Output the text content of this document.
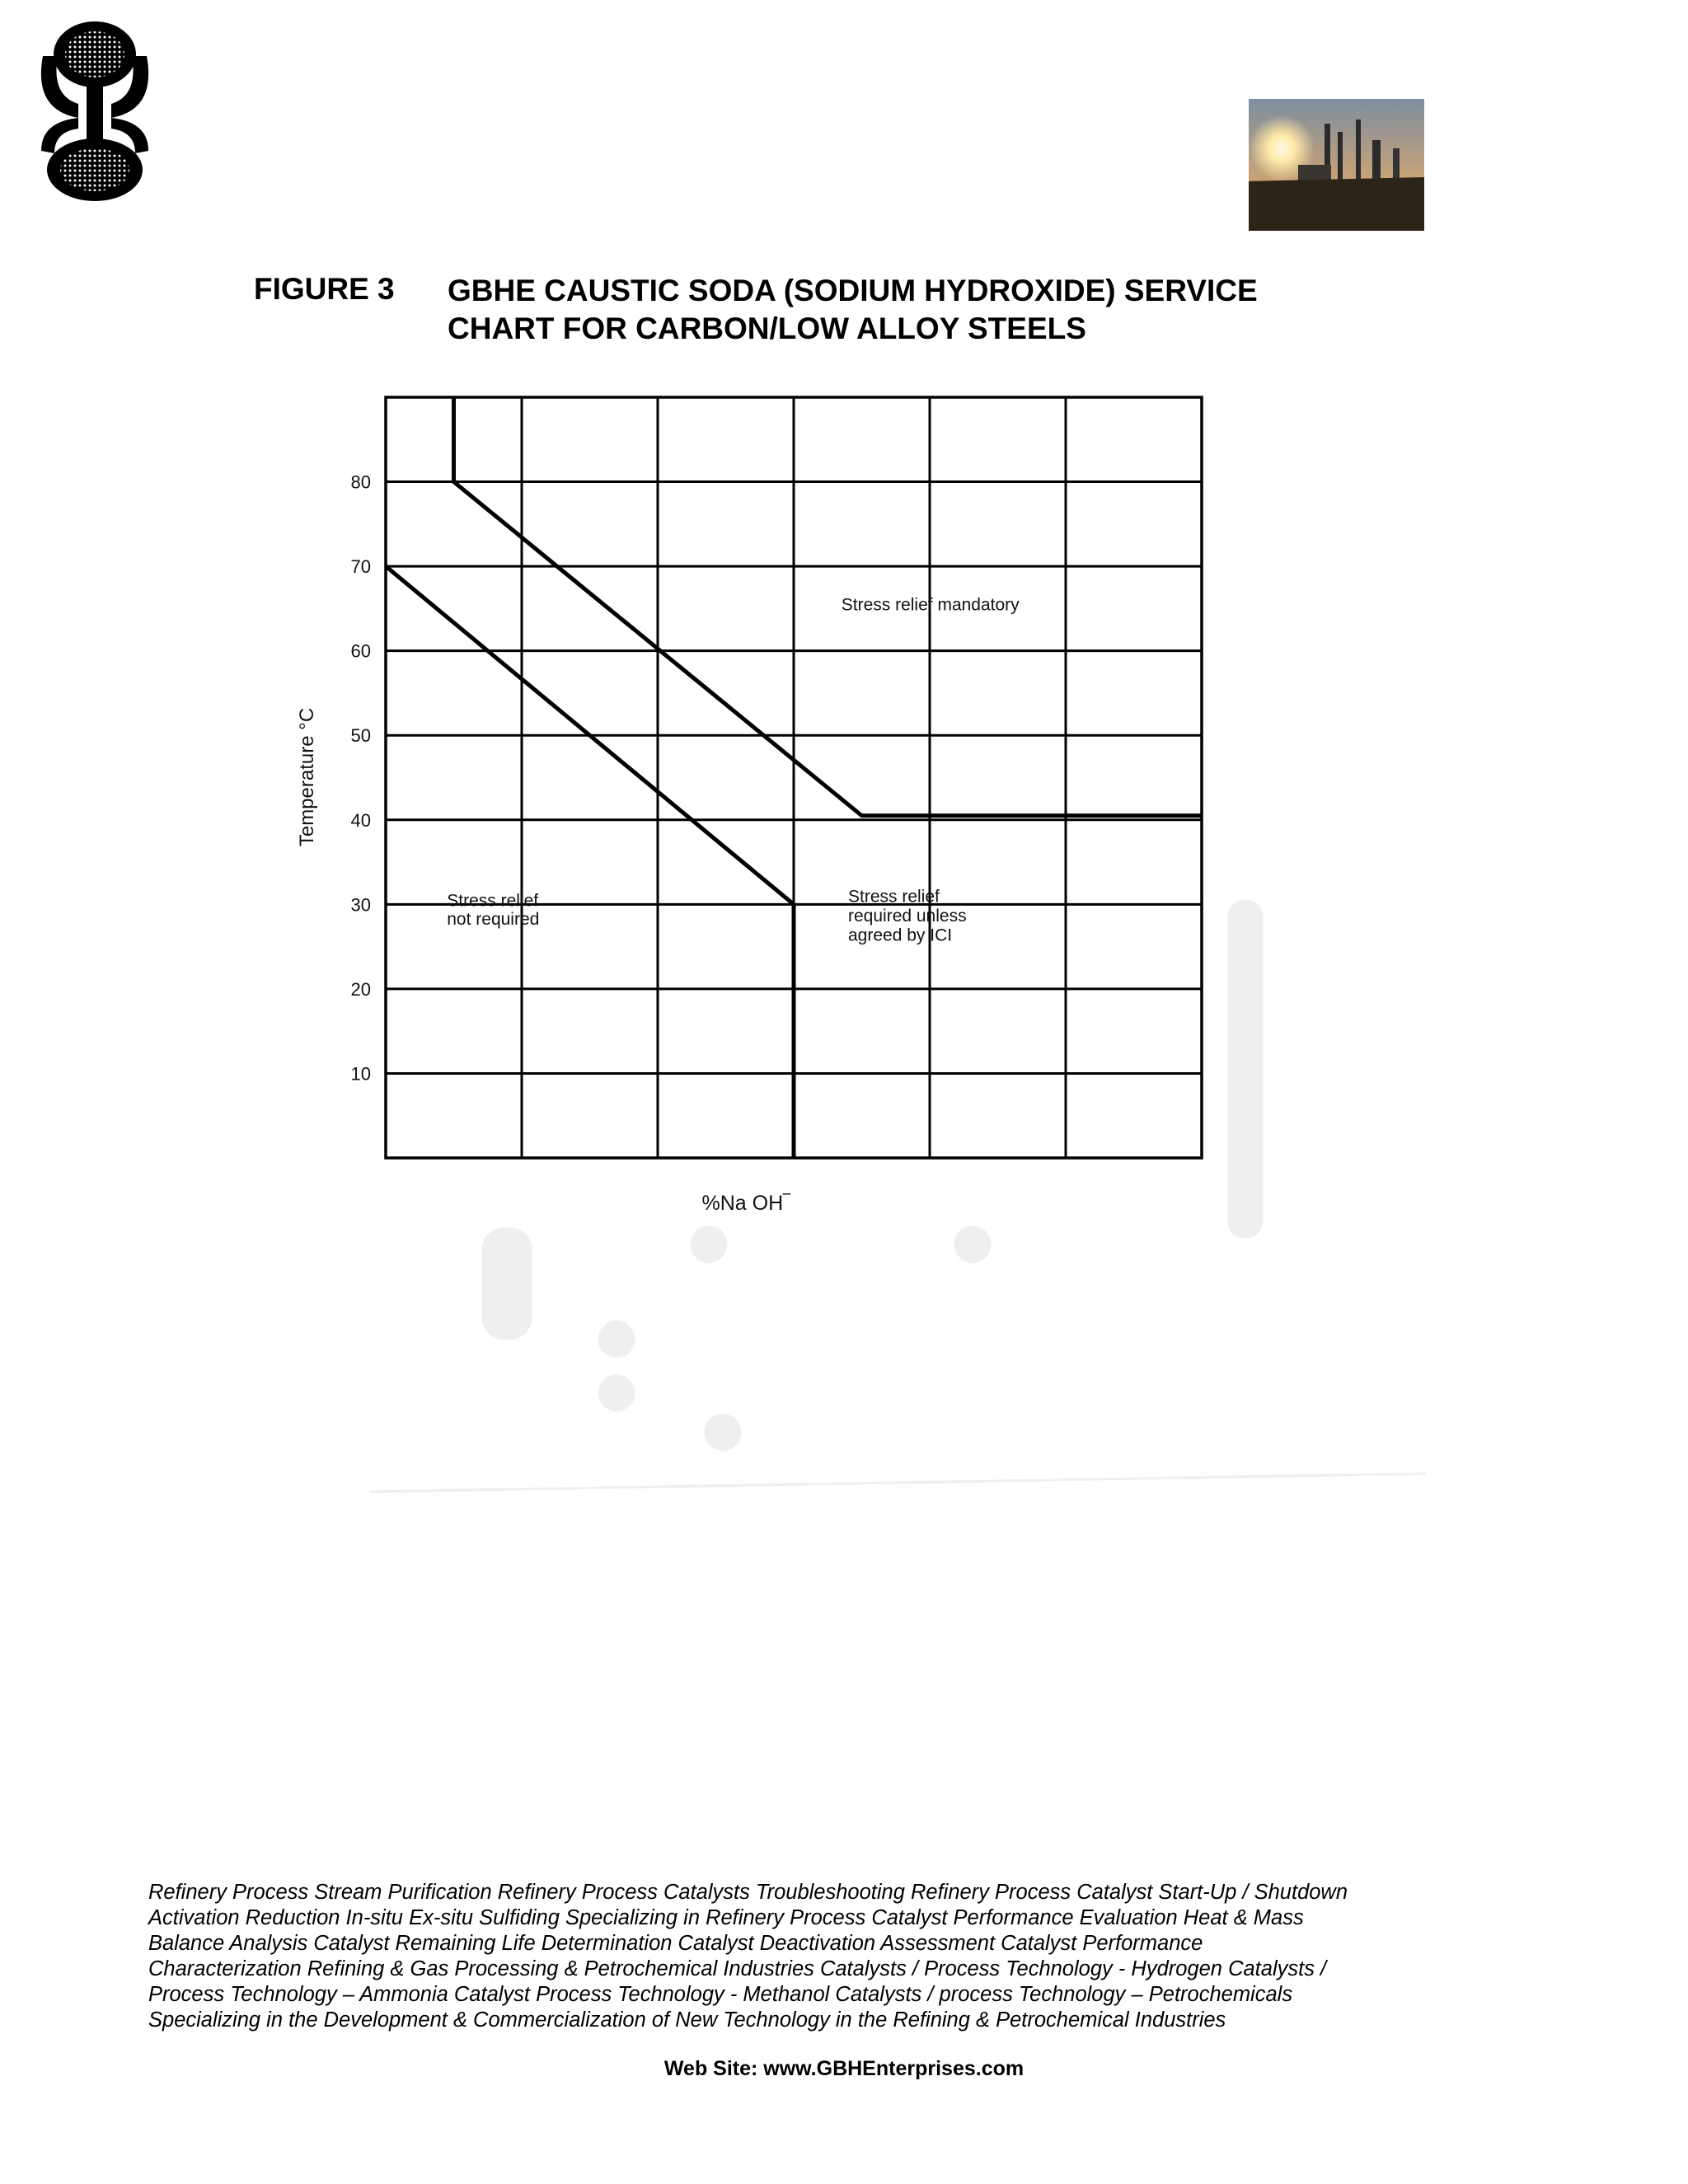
FIGURE 3 GBHE CAUSTIC SODA (SODIUM HYDROXIDE) SERVICE
CHART FOR CARBON/LOW ALLOY STEELS
10
20
30
40
50
60
70
80
Stress relief mandatory
Stress relief
not required
Stress relief
required unless
agreed by ICI
Temperature °C
%Na OH‾
Refinery Process Stream Purification Refinery Process Catalysts Troubleshooting Refinery Process Catalyst Start-Up / Shutdown
Activation Reduction In-situ Ex-situ Sulfiding Specializing in Refinery Process Catalyst Performance Evaluation Heat & Mass
Balance Analysis Catalyst Remaining Life Determination Catalyst Deactivation Assessment Catalyst Performance
Characterization Refining & Gas Processing & Petrochemical Industries Catalysts / Process Technology - Hydrogen Catalysts /
Process Technology – Ammonia Catalyst Process Technology - Methanol Catalysts / process Technology – Petrochemicals
Specializing in the Development & Commercialization of New Technology in the Refining & Petrochemical Industries
Web Site: www.GBHEnterprises.com
